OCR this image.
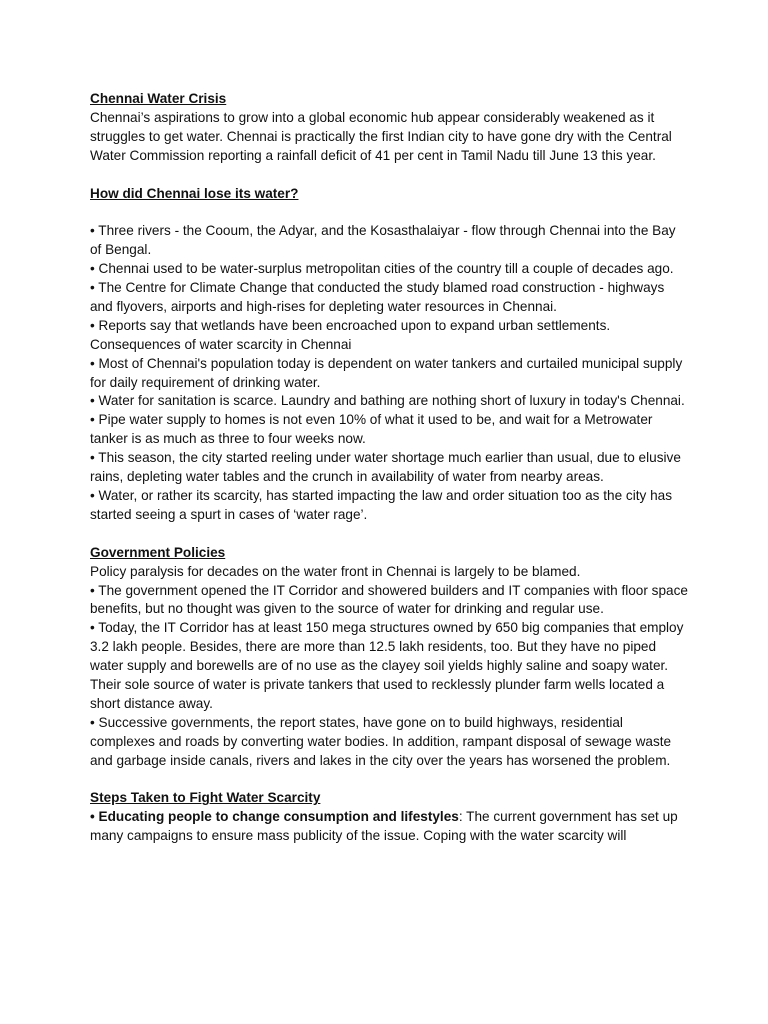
Chennai Water Crisis

Chennai’s aspirations to grow into a global economic hub appear considerably weakened as it struggles to get water. Chennai is practically the first Indian city to have gone dry with the Central Water Commission reporting a rainfall deficit of 41 per cent in Tamil Nadu till June 13 this year.

How did Chennai lose its water?

• Three rivers - the Cooum, the Adyar, and the Kosasthalaiyar - flow through Chennai into the Bay of Bengal.

• Chennai used to be water-surplus metropolitan cities of the country till a couple of decades ago.

• The Centre for Climate Change that conducted the study blamed road construction - highways and flyovers, airports and high-rises for depleting water resources in Chennai.

• Reports say that wetlands have been encroached upon to expand urban settlements.

Consequences of water scarcity in Chennai

• Most of Chennai's population today is dependent on water tankers and curtailed municipal supply for daily requirement of drinking water.

• Water for sanitation is scarce. Laundry and bathing are nothing short of luxury in today's Chennai.

• Pipe water supply to homes is not even 10% of what it used to be, and wait for a Metrowater tanker is as much as three to four weeks now.

• This season, the city started reeling under water shortage much earlier than usual, due to elusive rains, depleting water tables and the crunch in availability of water from nearby areas.

• Water, or rather its scarcity, has started impacting the law and order situation too as the city has started seeing a spurt in cases of ‘water rage’.

Government Policies

Policy paralysis for decades on the water front in Chennai is largely to be blamed.

• The government opened the IT Corridor and showered builders and IT companies with floor space benefits, but no thought was given to the source of water for drinking and regular use.

• Today, the IT Corridor has at least 150 mega structures owned by 650 big companies that employ 3.2 lakh people. Besides, there are more than 12.5 lakh residents, too. But they have no piped water supply and borewells are of no use as the clayey soil yields highly saline and soapy water. Their sole source of water is private tankers that used to recklessly plunder farm wells located a short distance away.

• Successive governments, the report states, have gone on to build highways, residential complexes and roads by converting water bodies. In addition, rampant disposal of sewage waste and garbage inside canals, rivers and lakes in the city over the years has worsened the problem.

Steps Taken to Fight Water Scarcity

• Educating people to change consumption and lifestyles: The current government has set up many campaigns to ensure mass publicity of the issue. Coping with the water scarcity will
